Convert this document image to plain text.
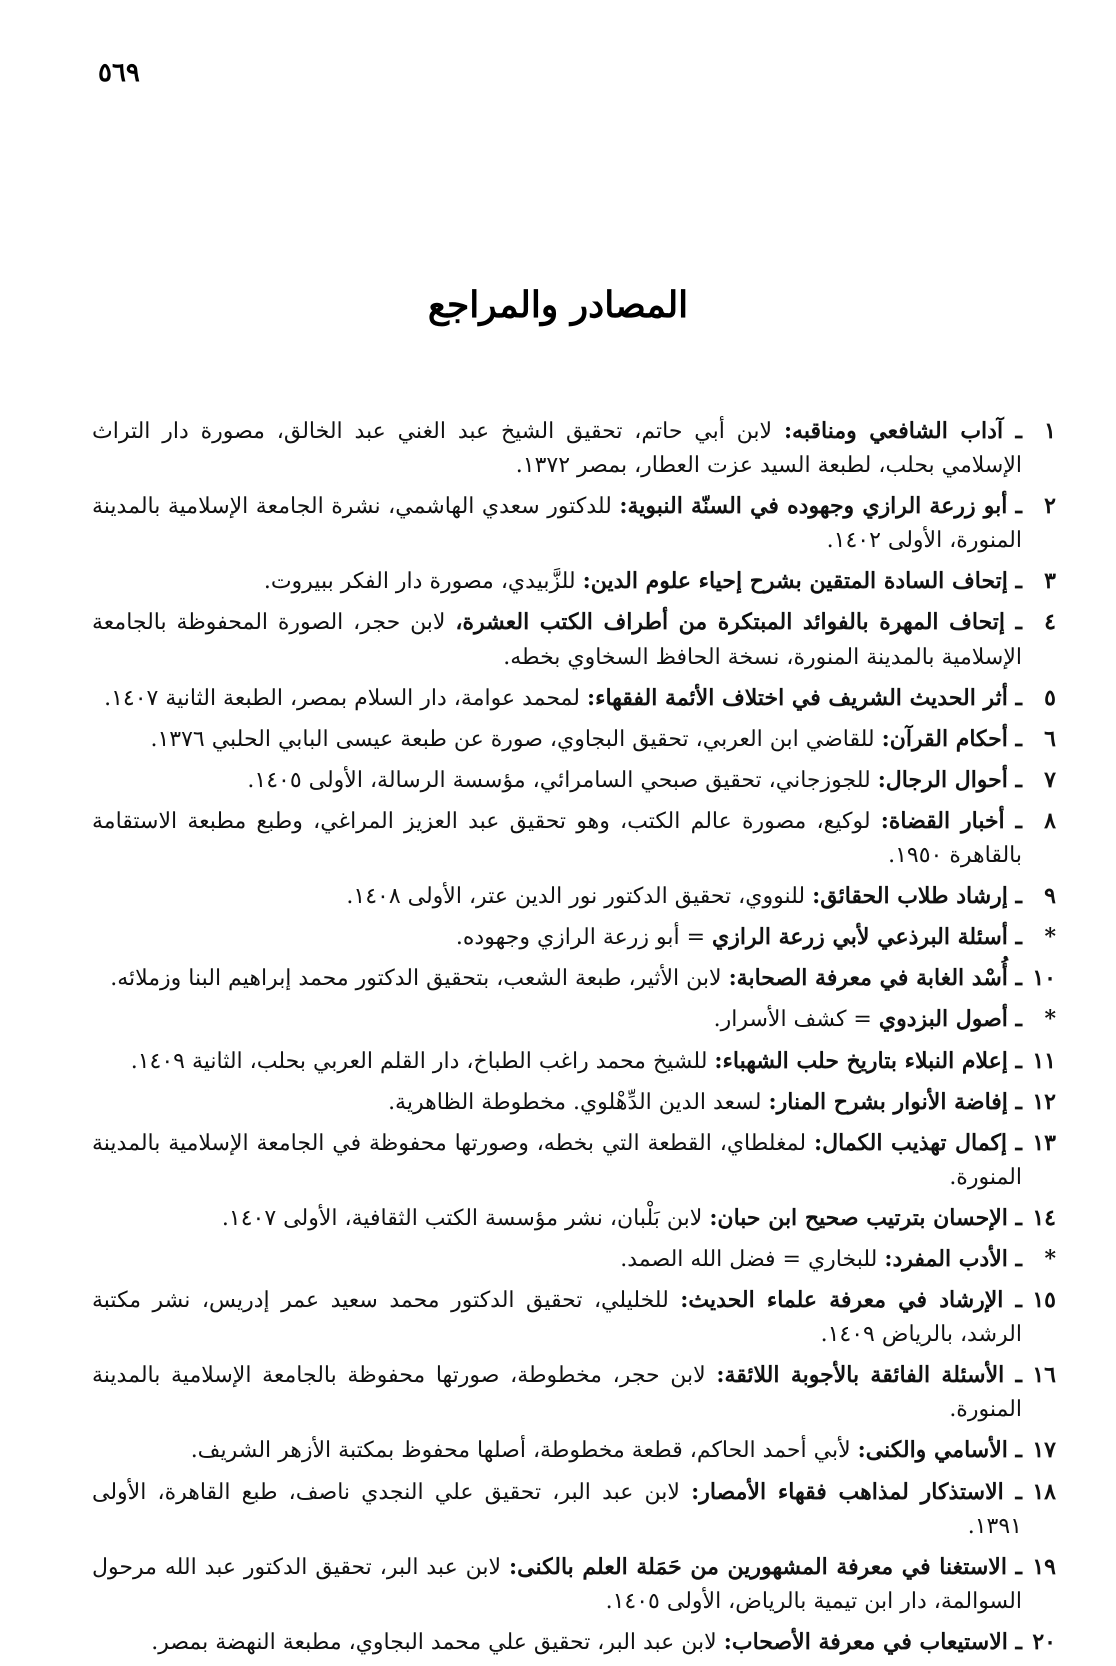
٥٦٩
المصادر والمراجع
١
ـ آداب الشافعي ومناقبه: لابن أبي حاتم، تحقيق الشيخ عبد الغني عبد الخالق، مصورة دار التراث الإسلامي بحلب، لطبعة السيد عزت العطار، بمصر ١٣٧٢.
٢
ـ أبو زرعة الرازي وجهوده في السنّة النبوية: للدكتور سعدي الهاشمي، نشرة الجامعة الإسلامية بالمدينة المنورة، الأولى ١٤٠٢.
٣
ـ إتحاف السادة المتقين بشرح إحياء علوم الدين: للزَّبيدي، مصورة دار الفكر ببيروت.
٤
ـ إتحاف المهرة بالفوائد المبتكرة من أطراف الكتب العشرة، لابن حجر، الصورة المحفوظة بالجامعة الإسلامية بالمدينة المنورة، نسخة الحافظ السخاوي بخطه.
٥
ـ أثر الحديث الشريف في اختلاف الأئمة الفقهاء: لمحمد عوامة، دار السلام بمصر، الطبعة الثانية ١٤٠٧.
٦
ـ أحكام القرآن: للقاضي ابن العربي، تحقيق البجاوي، صورة عن طبعة عيسى البابي الحلبي ١٣٧٦.
٧
ـ أحوال الرجال: للجوزجاني، تحقيق صبحي السامرائي، مؤسسة الرسالة، الأولى ١٤٠٥.
٨
ـ أخبار القضاة: لوكيع، مصورة عالم الكتب، وهو تحقيق عبد العزيز المراغي، وطبع مطبعة الاستقامة بالقاهرة ١٩٥٠.
٩
ـ إرشاد طلاب الحقائق: للنووي، تحقيق الدكتور نور الدين عتر، الأولى ١٤٠٨.
*
ـ أسئلة البرذعي لأبي زرعة الرازي = أبو زرعة الرازي وجهوده.
١٠
ـ أُسْد الغابة في معرفة الصحابة: لابن الأثير، طبعة الشعب، بتحقيق الدكتور محمد إبراهيم البنا وزملائه.
*
ـ أصول البزدوي = كشف الأسرار.
١١
ـ إعلام النبلاء بتاريخ حلب الشهباء: للشيخ محمد راغب الطباخ، دار القلم العربي بحلب، الثانية ١٤٠٩.
١٢
ـ إفاضة الأنوار بشرح المنار: لسعد الدين الدِّهْلوي. مخطوطة الظاهرية.
١٣
ـ إكمال تهذيب الكمال: لمغلطاي، القطعة التي بخطه، وصورتها محفوظة في الجامعة الإسلامية بالمدينة المنورة.
١٤
ـ الإحسان بترتيب صحيح ابن حبان: لابن بَلْبان، نشر مؤسسة الكتب الثقافية، الأولى ١٤٠٧.
*
ـ الأدب المفرد: للبخاري = فضل الله الصمد.
١٥
ـ الإرشاد في معرفة علماء الحديث: للخليلي، تحقيق الدكتور محمد سعيد عمر إدريس، نشر مكتبة الرشد، بالرياض ١٤٠٩.
١٦
ـ الأسئلة الفائقة بالأجوبة اللائقة: لابن حجر، مخطوطة، صورتها محفوظة بالجامعة الإسلامية بالمدينة المنورة.
١٧
ـ الأسامي والكنى: لأبي أحمد الحاكم، قطعة مخطوطة، أصلها محفوظ بمكتبة الأزهر الشريف.
١٨
ـ الاستذكار لمذاهب فقهاء الأمصار: لابن عبد البر، تحقيق علي النجدي ناصف، طبع القاهرة، الأولى ١٣٩١.
١٩
ـ الاستغنا في معرفة المشهورين من حَمَلة العلم بالكنى: لابن عبد البر، تحقيق الدكتور عبد الله مرحول السوالمة، دار ابن تيمية بالرياض، الأولى ١٤٠٥.
٢٠
ـ الاستيعاب في معرفة الأصحاب: لابن عبد البر، تحقيق علي محمد البجاوي، مطبعة النهضة بمصر.
